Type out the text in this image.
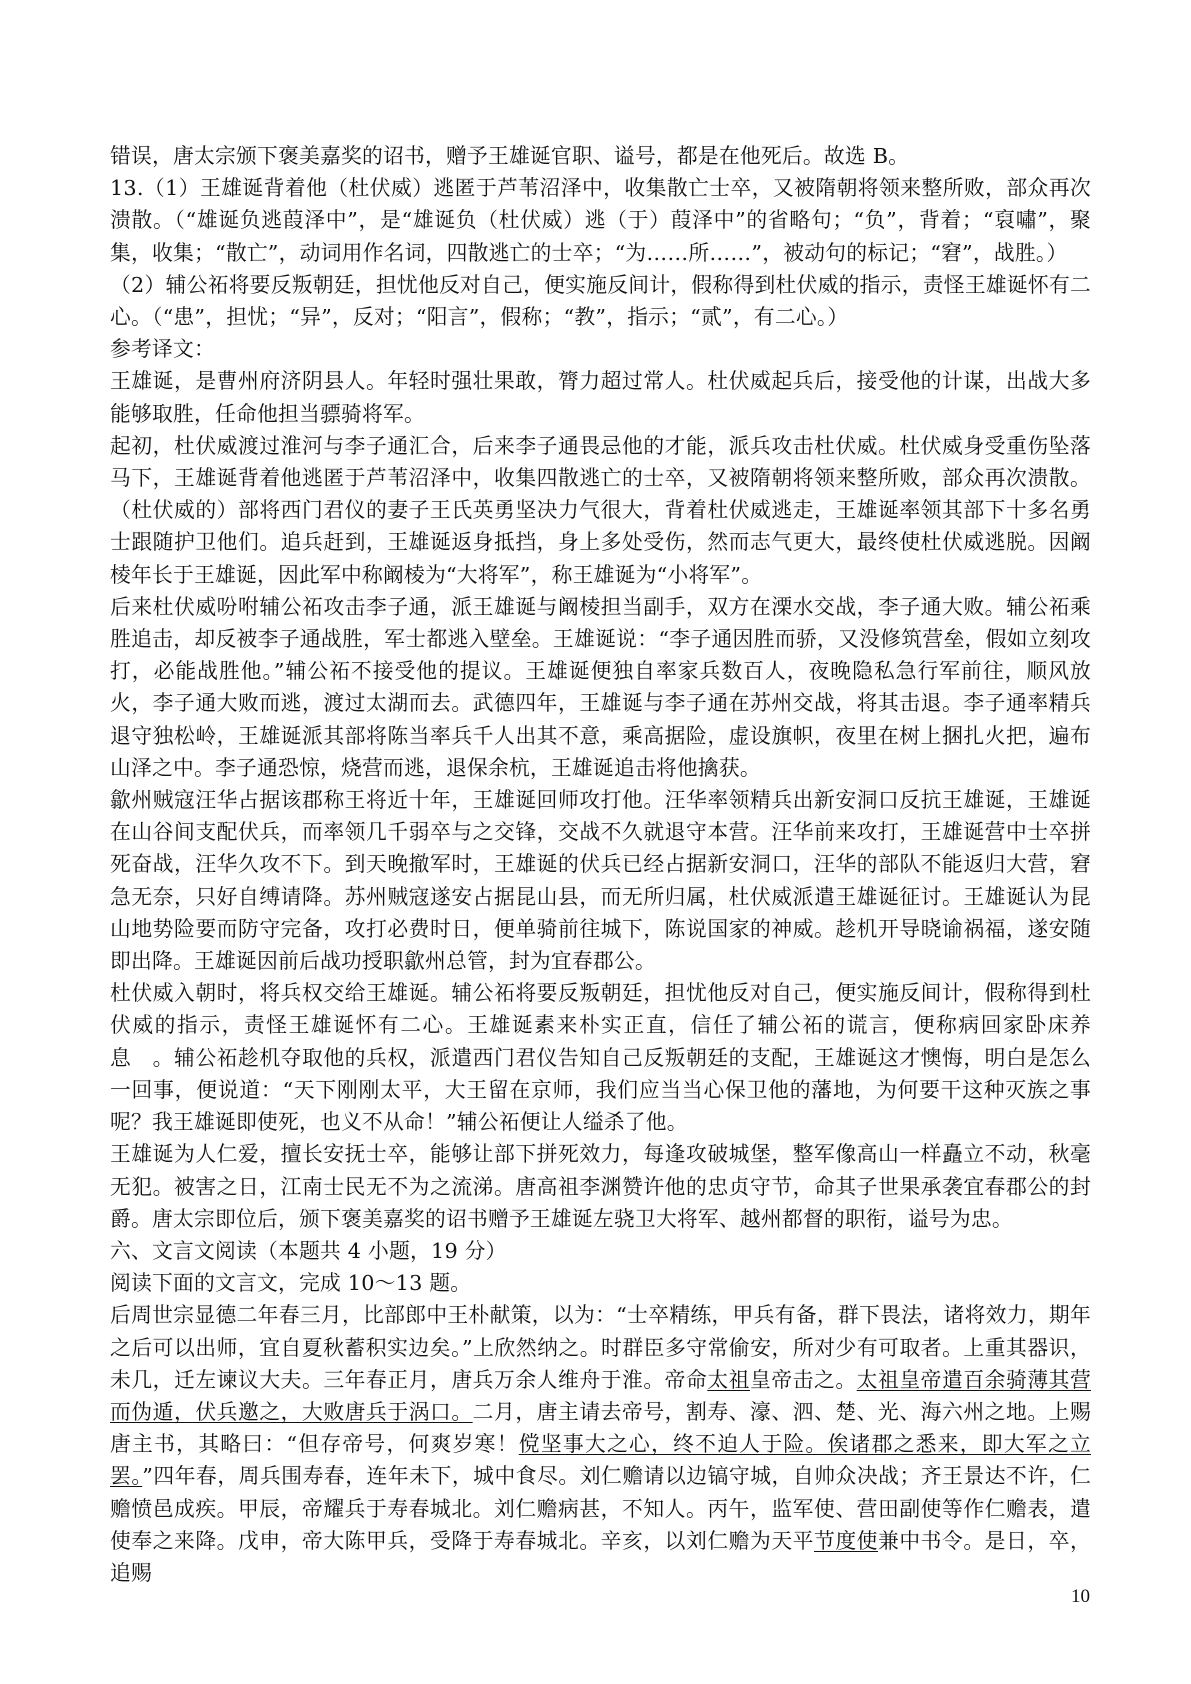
错误，唐太宗颁下褒美嘉奖的诏书，赠予王雄诞官职、谥号，都是在他死后。故选 B。

13.（1）王雄诞背着他（杜伏威）逃匿于芦苇沼泽中，收集散亡士卒，又被隋朝将领来整所败，部众再次溃散。（“雄诞负逃葭泽中”，是“雄诞负（杜伏威）逃（于）葭泽中”的省略句；“负”，背着；“裒嘯”，聚集，收集；“散亡”，动词用作名词，四散逃亡的士卒；“为……所……”，被动句的标记；“窘”，战胜。）

（2）辅公祏将要反叛朝廷，担忧他反对自己，便实施反间计，假称得到杜伏威的指示，责怪王雄诞怀有二心。（“患”，担忧；“异”，反对；“阳言”，假称；“教”，指示；“贰”，有二心。）

参考译文：

王雄诞，是曹州府济阴县人。年轻时强壮果敢，膂力超过常人。杜伏威起兵后，接受他的计谋，出战大多能够取胜，任命他担当骠骑将军。

起初，杜伏威渡过淮河与李子通汇合，后来李子通畏忌他的才能，派兵攻击杜伏威。杜伏威身受重伤坠落马下，王雄诞背着他逃匿于芦苇沼泽中，收集四散逃亡的士卒，又被隋朝将领来整所败，部众再次溃散。（杜伏威的）部将西门君仪的妻子王氏英勇坚决力气很大，背着杜伏威逃走，王雄诞率领其部下十多名勇士跟随护卫他们。追兵赶到，王雄诞返身抵挡，身上多处受伤，然而志气更大，最终使杜伏威逃脱。因阚棱年长于王雄诞，因此军中称阚棱为“大将军”，称王雄诞为“小将军”。

后来杜伏威吩咐辅公祏攻击李子通，派王雄诞与阚棱担当副手，双方在溧水交战，李子通大败。辅公祏乘胜追击，却反被李子通战胜，军士都逃入壁垒。王雄诞说：“李子通因胜而骄，又没修筑营垒，假如立刻攻打，必能战胜他。”辅公祏不接受他的提议。王雄诞便独自率家兵数百人，夜晚隐私急行军前往，顺风放火，李子通大败而逃，渡过太湖而去。武德四年，王雄诞与李子通在苏州交战，将其击退。李子通率精兵退守独松岭，王雄诞派其部将陈当率兵千人出其不意，乘高据险，虚设旗帜，夜里在树上捆扎火把，遍布山泽之中。李子通恐惊，烧营而逃，退保余杭，王雄诞追击将他擒获。

歙州贼寇汪华占据该郡称王将近十年，王雄诞回师攻打他。汪华率领精兵出新安洞口反抗王雄诞，王雄诞在山谷间支配伏兵，而率领几千弱卒与之交锋，交战不久就退守本营。汪华前来攻打，王雄诞营中士卒拼死奋战，汪华久攻不下。到天晚撤军时，王雄诞的伏兵已经占据新安洞口，汪华的部队不能返归大营，窘急无奈，只好自缚请降。苏州贼寇遂安占据昆山县，而无所归属，杜伏威派遣王雄诞征讨。王雄诞认为昆山地势险要而防守完备，攻打必费时日，便单骑前往城下，陈说国家的神威。趁机开导晓谕祸福，遂安随即出降。王雄诞因前后战功授职歙州总管，封为宜春郡公。

杜伏威入朝时，将兵权交给王雄诞。辅公祏将要反叛朝廷，担忧他反对自己，便实施反间计，假称得到杜伏威的指示，责怪王雄诞怀有二心。王雄诞素来朴实正直，信任了辅公祏的谎言，便称病回家卧床养息　。辅公祏趁机夺取他的兵权，派遣西门君仪告知自己反叛朝廷的支配，王雄诞这才懊悔，明白是怎么一回事，便说道：“天下刚刚太平，大王留在京师，我们应当当心保卫他的藩地，为何要干这种灭族之事呢？我王雄诞即使死，也义不从命！”辅公祏便让人缢杀了他。

王雄诞为人仁爱，擅长安抚士卒，能够让部下拼死效力，每逢攻破城堡，整军像高山一样矗立不动，秋毫无犯。被害之日，江南士民无不为之流涕。唐高祖李渊赞许他的忠贞守节，命其子世果承袭宜春郡公的封爵。唐太宗即位后，颁下褒美嘉奖的诏书赠予王雄诞左骁卫大将军、越州都督的职衔，谥号为忠。

六、文言文阅读（本题共 4 小题，19 分）

阅读下面的文言文，完成 10～13 题。

后周世宗显德二年春三月，比部郎中王朴献策，以为：“士卒精练，甲兵有备，群下畏法，诸将效力，期年之后可以出师，宜自夏秋蓄积实边矣。”上欣然纳之。时群臣多守常偷安，所对少有可取者。上重其器识，未几，迁左谏议大夫。三年春正月，唐兵万余人维舟于淮。帝命太祖皇帝击之。太祖皇帝遣百余骑薄其营而伪遁，伏兵邀之，大败唐兵于涡口。二月，唐主请去帝号，割寿、濠、泗、楚、光、海六州之地。上赐唐主书，其略曰：“但存帝号，何爽岁寒！傥坚事大之心，终不迫人于险。俟诸郡之悉来，即大军之立罢。”四年春，周兵围寿春，连年未下，城中食尽。刘仁赡请以边镐守城，自帅众决战；齐王景达不许，仁赡愤邑成疾。甲辰，帝耀兵于寿春城北。刘仁赡病甚，不知人。丙午，监军使、营田副使等作仁赡表，遣使奉之来降。戊申，帝大陈甲兵，受降于寿春城北。辛亥，以刘仁赡为天平节度使兼中书令。是日，卒，追赐

10
